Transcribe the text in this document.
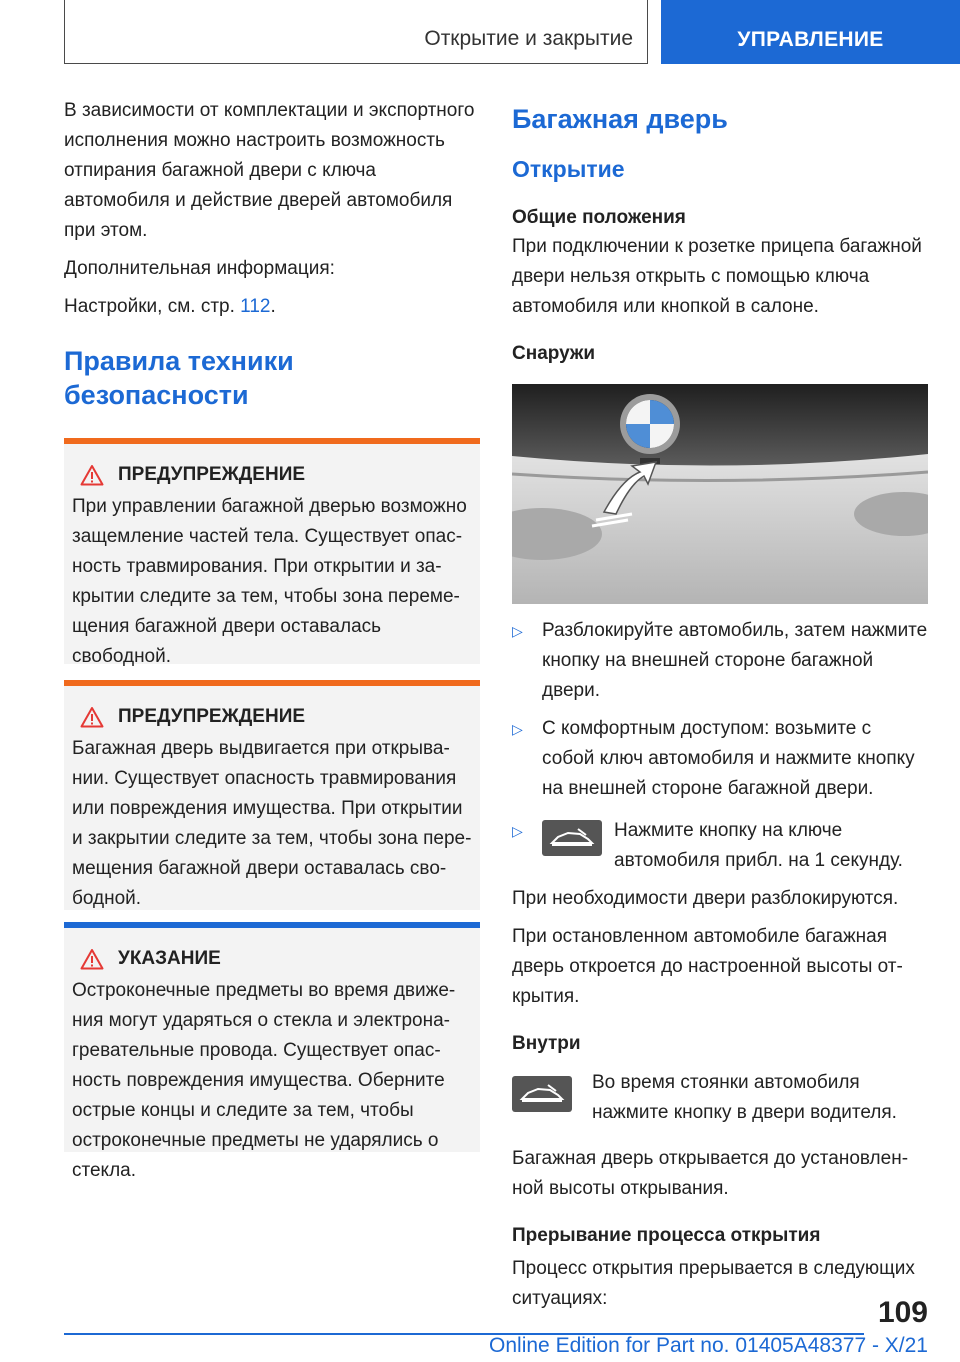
Открытие и закрытие	УПРАВЛЕНИЕ

В зависимости от комплектации и экспортного исполнения можно настроить возможность отпирания багажной двери с ключа автомобиля и действие дверей автомобиля при этом.

Дополнительная информация:

Настройки, см. стр. 112.

Правила техники безопасности
ПРЕДУПРЕЖДЕНИЕ

При управлении багажной дверью возможно защемление частей тела. Существует опасность травмирования. При открытии и закрытии следите за тем, чтобы зона перемещения багажной двери оставалась свободной.

ПРЕДУПРЕЖДЕНИЕ

Багажная дверь выдвигается при открывании. Существует опасность травмирования или повреждения имущества. При открытии и закрытии следите за тем, чтобы зона перемещения багажной двери оставалась свободной.

УКАЗАНИЕ

Остроконечные предметы во время движения могут ударяться о стекла и электронагревательные провода. Существует опасность повреждения имущества. Оберните острые концы и следите за тем, чтобы остроконечные предметы не ударялись о стекла.

Багажная дверь
Открытие
Общие положения

При подключении к розетке прицепа багажной двери нельзя открыть с помощью ключа автомобиля или кнопкой в салоне.

Снаружи
▷	Разблокируйте автомобиль, затем нажмите кнопку на внешней стороне багажной двери.

▷	С комфортным доступом: возьмите с собой ключ автомобиля и нажмите кнопку на внешней стороне багажной двери.

▷	Нажмите кнопку на ключе автомобиля прибл. на 1 секунду.

При необходимости двери разблокируются.

При остановленном автомобиле багажная дверь откроется до настроенной высоты открытия.

Внутри

Во время стоянки автомобиля нажмите кнопку в двери водителя.

Багажная дверь открывается до установленной высоты открывания.

Прерывание процесса открытия

Процесс открытия прерывается в следующих ситуациях:	109
Online Edition for Part no. 01405A48377 - X/21
